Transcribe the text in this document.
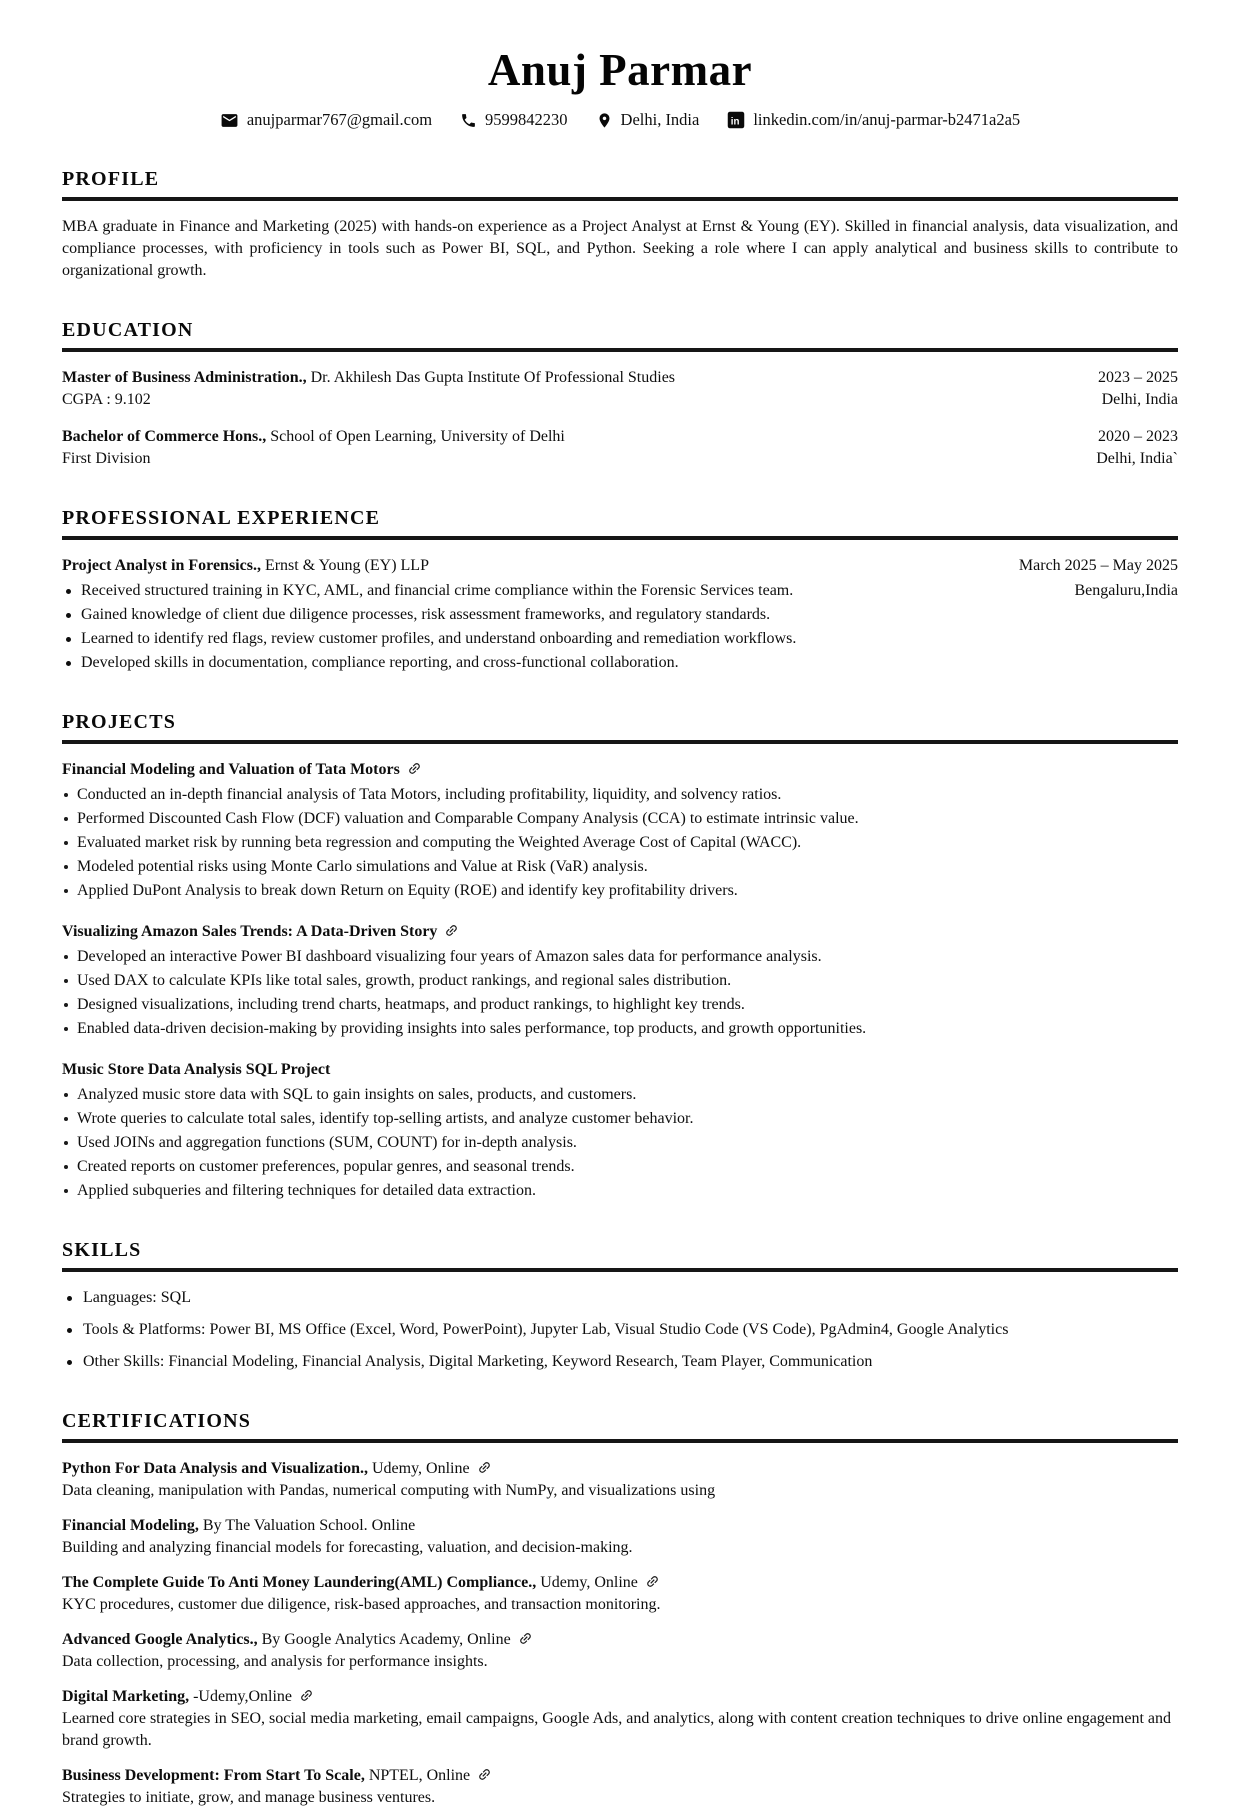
Anuj Parmar
anujparmar767@gmail.com	9599842230	Delhi, India in linkedin.com/in/anuj-parmar-b2471a2a5
PROFILE

MBA graduate in Finance and Marketing (2025) with hands-on experience as a Project Analyst at Ernst & Young (EY). Skilled in financial analysis, data visualization, and compliance processes, with proficiency in tools such as Power BI, SQL, and Python. Seeking a role where I can apply analytical and business skills to contribute to organizational growth.

EDUCATION
Master of Business Administration., Dr. Akhilesh Das Gupta Institute Of Professional Studies	2023 – 2025
CGPA : 9.102	Delhi, India
Bachelor of Commerce Hons., School of Open Learning, University of Delhi	2020 – 2023
First Division	Delhi, India`
PROFESSIONAL EXPERIENCE
Project Analyst in Forensics., Ernst & Young (EY) LLP	March 2025 – May 2025
Bengaluru,India
Received structured training in KYC, AML, and financial crime compliance within the Forensic Services team.
Gained knowledge of client due diligence processes, risk assessment frameworks, and regulatory standards.
Learned to identify red flags, review customer profiles, and understand onboarding and remediation workflows.
Developed skills in documentation, compliance reporting, and cross-functional collaboration.
PROJECTS
Financial Modeling and Valuation of Tata Motors
Conducted an in-depth financial analysis of Tata Motors, including profitability, liquidity, and solvency ratios.
Performed Discounted Cash Flow (DCF) valuation and Comparable Company Analysis (CCA) to estimate intrinsic value.
Evaluated market risk by running beta regression and computing the Weighted Average Cost of Capital (WACC).
Modeled potential risks using Monte Carlo simulations and Value at Risk (VaR) analysis.
Applied DuPont Analysis to break down Return on Equity (ROE) and identify key profitability drivers.
Visualizing Amazon Sales Trends: A Data-Driven Story
Developed an interactive Power BI dashboard visualizing four years of Amazon sales data for performance analysis.
Used DAX to calculate KPIs like total sales, growth, product rankings, and regional sales distribution.
Designed visualizations, including trend charts, heatmaps, and product rankings, to highlight key trends.
Enabled data-driven decision-making by providing insights into sales performance, top products, and growth opportunities.
Music Store Data Analysis SQL Project
Analyzed music store data with SQL to gain insights on sales, products, and customers.
Wrote queries to calculate total sales, identify top-selling artists, and analyze customer behavior.
Used JOINs and aggregation functions (SUM, COUNT) for in-depth analysis.
Created reports on customer preferences, popular genres, and seasonal trends.
Applied subqueries and filtering techniques for detailed data extraction.
SKILLS
Languages: SQL
Tools & Platforms: Power BI, MS Office (Excel, Word, PowerPoint), Jupyter Lab, Visual Studio Code (VS Code), PgAdmin4, Google Analytics
Other Skills: Financial Modeling, Financial Analysis, Digital Marketing, Keyword Research, Team Player, Communication
CERTIFICATIONS
Python For Data Analysis and Visualization., Udemy, Online
Data cleaning, manipulation with Pandas, numerical computing with NumPy, and visualizations using
Financial Modeling, By The Valuation School. Online
Building and analyzing financial models for forecasting, valuation, and decision-making.
The Complete Guide To Anti Money Laundering(AML) Compliance., Udemy, Online
KYC procedures, customer due diligence, risk-based approaches, and transaction monitoring.
Advanced Google Analytics., By Google Analytics Academy, Online
Data collection, processing, and analysis for performance insights.
Digital Marketing, -Udemy,Online
Learned core strategies in SEO, social media marketing, email campaigns, Google Ads, and analytics, along with content creation techniques to drive online engagement and brand growth.
Business Development: From Start To Scale, NPTEL, Online
Strategies to initiate, grow, and manage business ventures.
